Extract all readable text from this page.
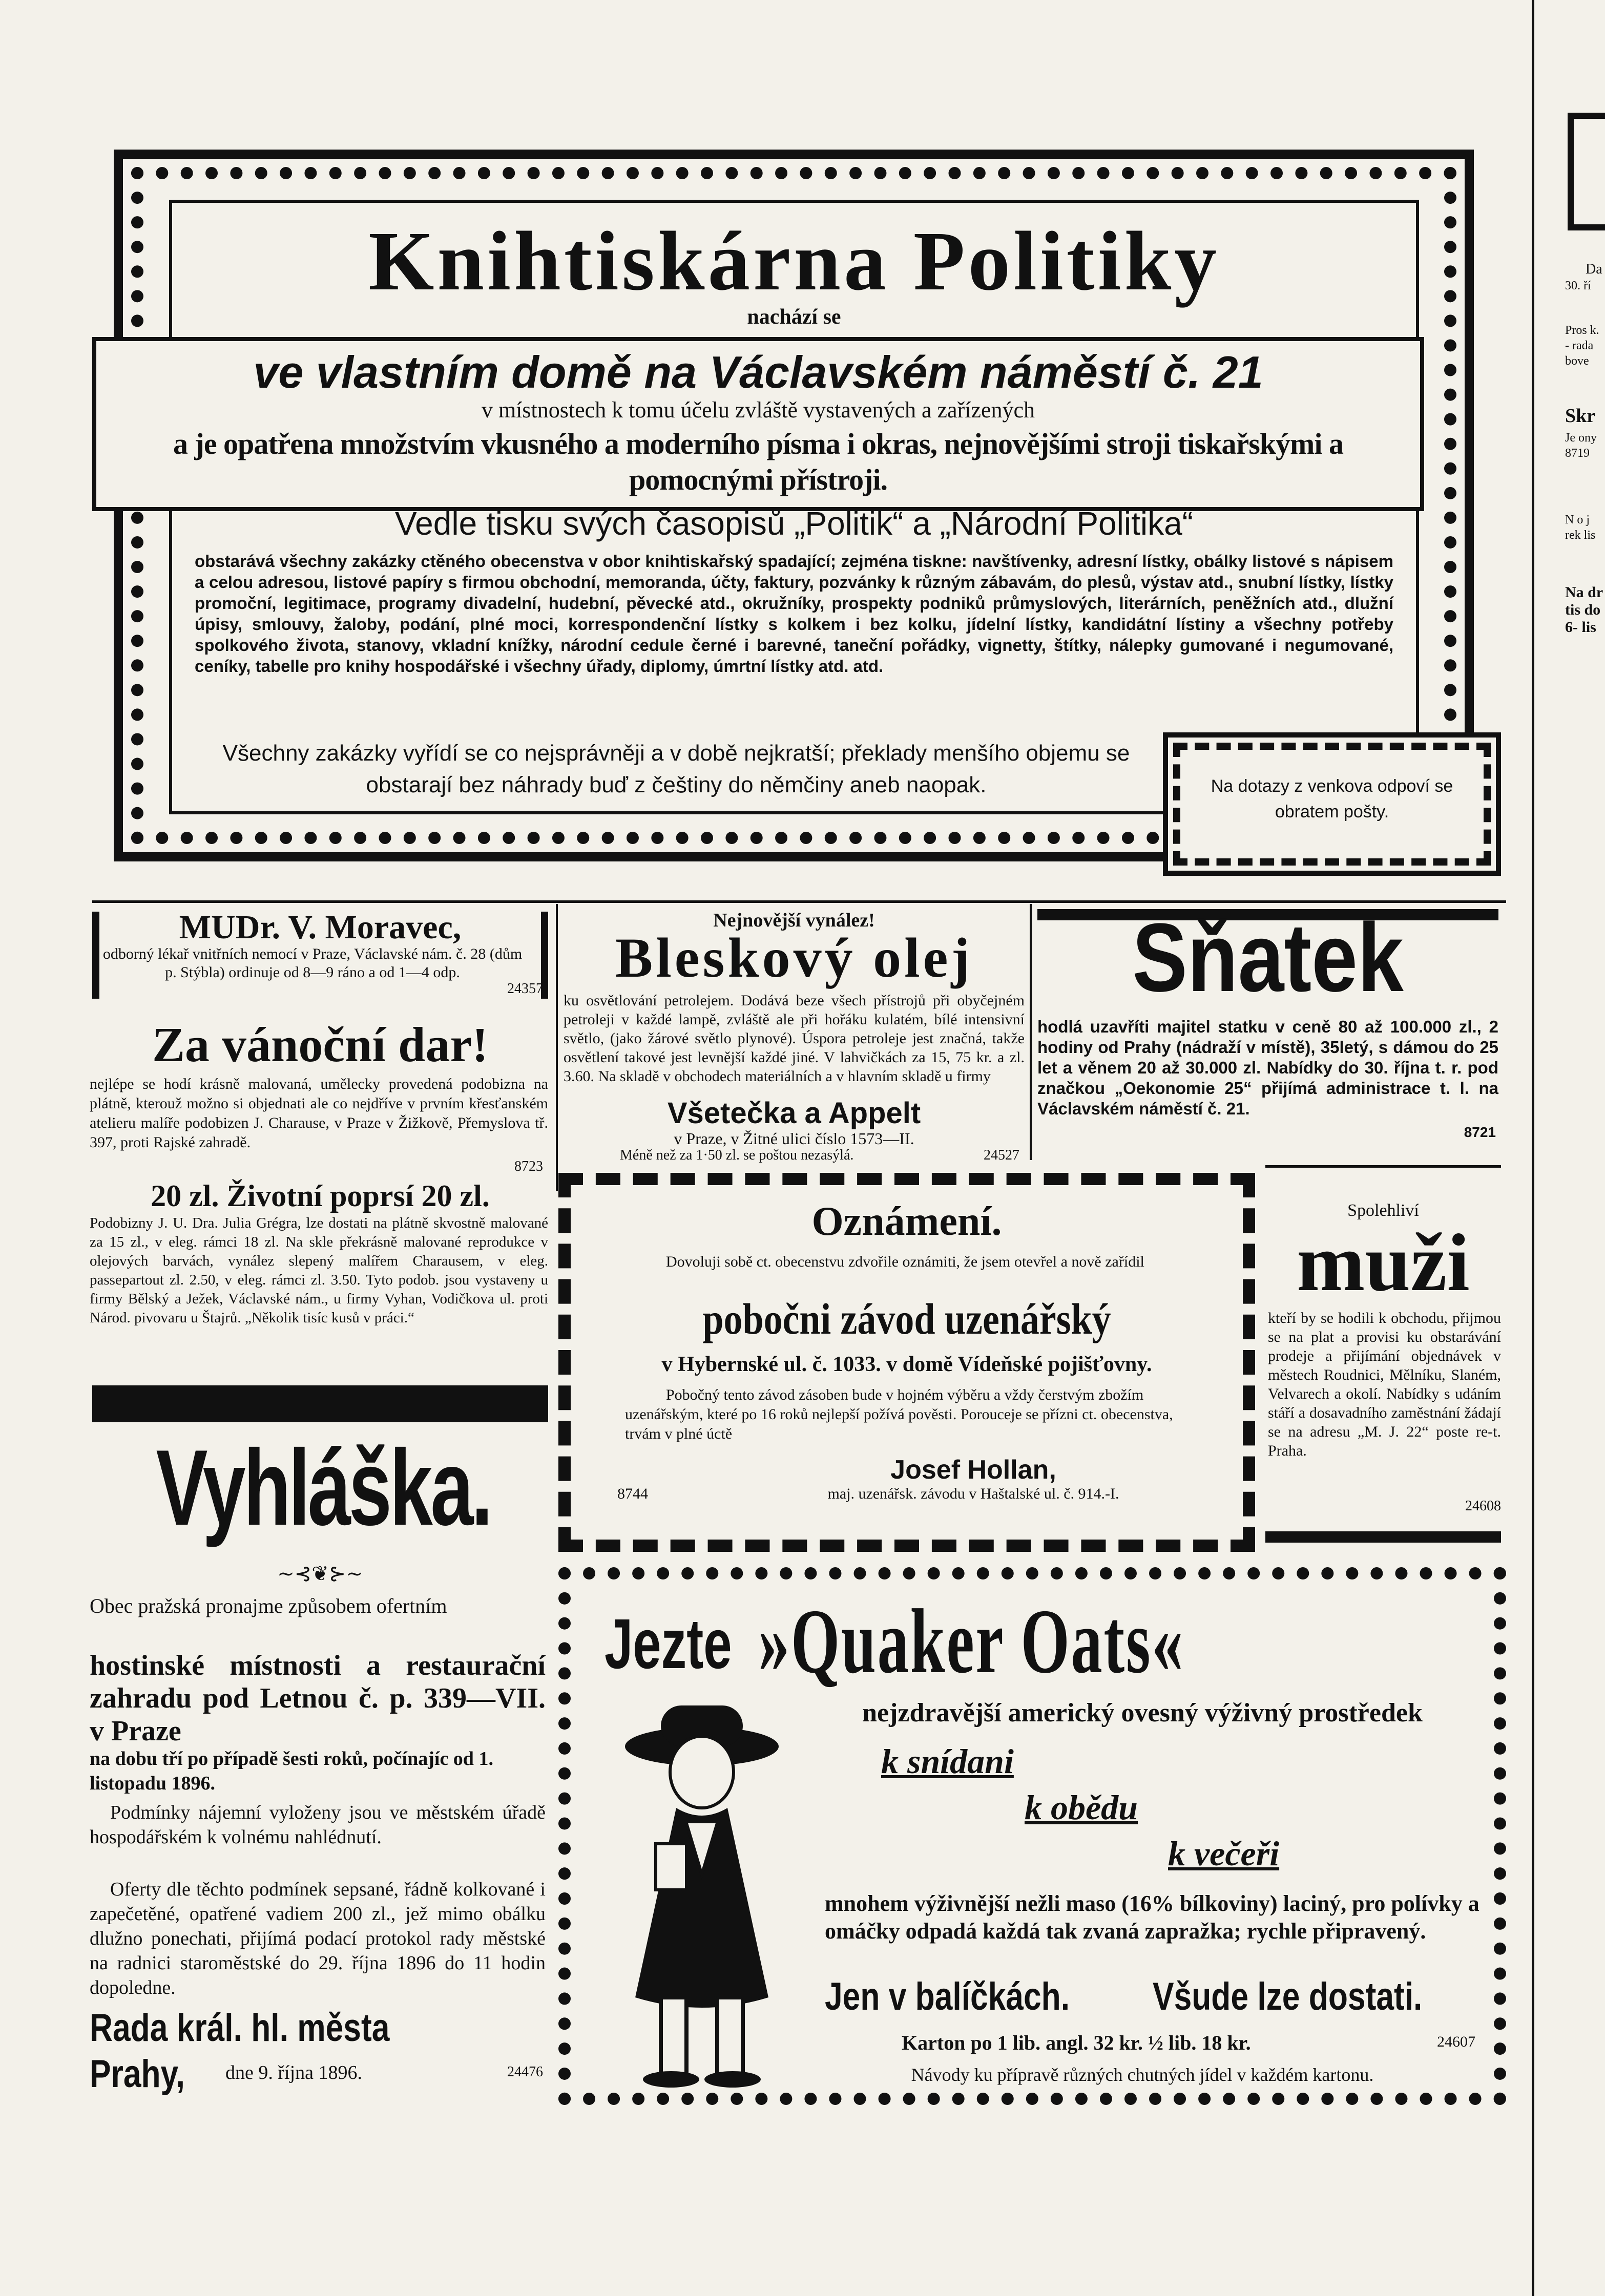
Knihtiskárna Politiky
nachází se
ve vlastním domě na Václavském náměstí č. 21
v místnostech k tomu účelu zvláště vystavených a zařízených
a je opatřena množstvím vkusného a moderního písma i okras, nejnovějšími stroji tiskařskými a pomocnými přístroji.
Vedle tisku svých časopisů „Politik“ a „Národní Politika“
obstarává všechny zakázky ctěného obecenstva v obor knihtiskařský spadající; zejména tiskne: navštívenky, adresní lístky, obálky listové s nápisem a celou adresou, listové papíry s firmou obchodní, memoranda, účty, faktury, pozvánky k různým zábavám, do plesů, výstav atd., snubní lístky, lístky promoční, legitimace, programy divadelní, hudební, pěvecké atd., okružníky, prospekty podniků průmyslových, literárních, peněžních atd., dlužní úpisy, smlouvy, žaloby, podání, plné moci, korrespondenční lístky s kolkem i bez kolku, jídelní lístky, kandidátní lístiny a všechny potřeby spolkového života, stanovy, vkladní knížky, národní ceduIe černé i barevné, taneční pořádky, vignetty, štítky, nálepky gumované i negumované, ceníky, tabelle pro knihy hospodářské i všechny úřady, diplomy, úmrtní lístky atd. atd.
Všechny zakázky vyřídí se co nejsprávněji a v době nejkratší; překlady menšího objemu se obstarají bez náhrady buď z češtiny do němčiny aneb naopak.	Na dotazy z venkova odpoví se obratem pošty.
MUDr. V. Moravec,
odborný lékař vnitřních nemocí v Praze, Václavské nám. č. 28 (dům p. Stýbla) ordinuje od 8—9 ráno a od 1—4 odp.
24357
Za vánoční dar!
nejlépe se hodí krásně malovaná, umělecky provedená podobizna na plátně, kterouž možno si objednati ale co nejdříve v prvním křesťanském atelieru malíře podobizen J. Charause, v Praze v Žižkově, Přemyslova tř. 397, proti Rajské zahradě.
8723
20 zl. Životní poprsí 20 zl.
Podobizny J. U. Dra. Julia Grégra, lze dostati na plátně skvostně malované za 15 zl., v eleg. rámci 18 zl. Na skle překrásně malované reprodukce v olejových barvách, vynález slepený malířem Charausem, v eleg. passepartout zl. 2.50, v eleg. rámci zl. 3.50. Tyto podob. jsou vystaveny u firmy Bělský a Ježek, Václavské nám., u firmy Vyhan, Vodičkova ul. proti Národ. pivovaru u Štajrů. „Několik tisíc kusů v práci.“
Vyhláška.
~⊰❦⊱~
Obec pražská pronajme způsobem ofertním
hostinské místnosti a restaurační zahradu pod Letnou č. p. 339—VII. v Praze
na dobu tří po případě šesti roků, počínajíc od 1. listopadu 1896.
Podmínky nájemní vyloženy jsou ve městském úřadě hospodářském k volnému nahlédnutí.
Oferty dle těchto podmínek sepsané, řádně kolkované i zapečetěné, opatřené vadiem 200 zl., jež mimo obálku dlužno ponechati, přijímá podací protokol rady městské na radnici staroměstské do 29. října 1896 do 11 hodin dopoledne.
Rada král. hl. města Prahy,	dne 9. října 1896.	24476
Nejnovější vynález!
Bleskový olej
ku osvětlování petrolejem. Dodává beze všech přístrojů při obyčejném petroleji v každé lampě, zvláště ale při hořáku kulatém, bílé intensivní světlo, (jako žárové světlo plynové). Úspora petroleje jest značná, takže osvětlení takové jest levnější každé jiné. V lahvičkách za 15, 75 kr. a zl. 3.60. Na skladě v obchodech materiálních a v hlavním skladě u firmy
Všetečka a Appelt
v Praze, v Žitné ulici číslo 1573—II.
Méně než za 1·50 zl. se poštou nezasýlá.	24527
Sňatek
hodlá uzavříti majitel statku v ceně 80 až 100.000 zl., 2 hodiny od Prahy (nádraží v místě), 35letý, s dámou do 25 let a věnem 20 až 30.000 zl. Nabídky do 30. října t. r. pod značkou „Oekonomie 25“ přijímá administrace t. l. na Václavském náměstí č. 21.
8721
Oznámení.
Dovoluji sobě ct. obecenstvu zdvořile oznámiti, že jsem otevřel a nově zařídil
pobočni závod uzenářský
v Hybernské ul. č. 1033. v domě Vídeňské pojišťovny.
Pobočný tento závod zásoben bude v hojném výběru a vždy čerstvým zbožím uzenářským, které po 16 roků nejlepší požívá pověsti. Porouceje se přízni ct. obecenstva, trvám v plné úctě
Josef Hollan,
maj. uzenářsk. závodu v Haštalské ul. č. 914.-I.
8744
Spolehliví
muži
kteří by se hodili k obchodu, přijmou se na plat a provisi ku obstarávání prodeje a přijímání objednávek v městech Roudnici, Mělníku, Slaném, Velvarech a okolí. Nabídky s udáním stáří a dosavadního zaměstnání žádají se na adresu „M. J. 22“ poste re-t. Praha.
24608
Jezte »Quaker Oats«
nejzdravější americký ovesný výživný prostředek
k snídani
k obědu
k večeři
mnohem výživnější nežli maso (16% bílkoviny) laciný, pro polívky a omáčky odpadá každá tak zvaná zapražka; rychle připravený.
Jen v balíčkách.	Všude lze dostati.
Karton po 1 lib. angl. 32 kr. ½ lib. 18 kr.	24607
Návody ku přípravě různých chutných jídel v každém kartonu.
Da
30. ří
Pros k. - rada bove
Skr
Je ony 8719
N o j rek lis
Na dr tis do 6- lis
